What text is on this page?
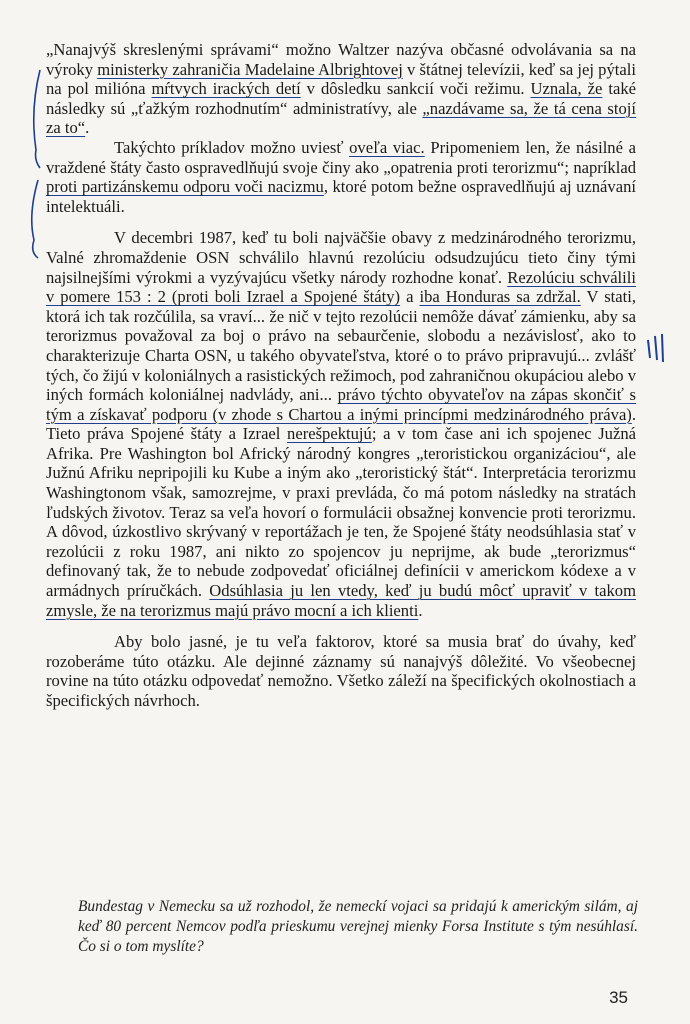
„Nanajvýš skreslenými správami“ možno Waltzer nazýva občasné odvolávania sa na výroky ministerky zahraničia Madelaine Albrightovej v štátnej televízii, keď sa jej pýtali na pol milióna mŕtvych irackých detí v dôsledku sankcií voči režimu. Uznala, že také následky sú „ťažkým rozhodnutím“ administratívy, ale „nazdávame sa, že tá cena stojí za to“.

Takýchto príkladov možno uviesť oveľa viac. Pripomeniem len, že násilné a vraždené štáty často ospravedlňujú svoje činy ako „opatrenia proti terorizmu“; napríklad proti partizánskemu odporu voči nacizmu, ktoré potom bežne ospravedlňujú aj uznávaní intelektuáli.

V decembri 1987, keď tu boli najväčšie obavy z medzinárodného terorizmu, Valné zhromaždenie OSN schválilo hlavnú rezolúciu odsudzujúcu tieto činy tými najsilnejšími výrokmi a vyzývajúcu všetky národy rozhodne konať. Rezolúciu schválili v pomere 153 : 2 (proti boli Izrael a Spojené štáty) a iba Honduras sa zdržal. V stati, ktorá ich tak rozčúlila, sa vraví... že nič v tejto rezolúcii nemôže dávať zámienku, aby sa terorizmus považoval za boj o právo na sebaurčenie, slobodu a nezávislosť, ako to charakterizuje Charta OSN, u takého obyvateľstva, ktoré o to právo pripravujú... zvlášť tých, čo žijú v koloniálnych a rasistických režimoch, pod zahraničnou okupáciou alebo v iných formách koloniálnej nadvlády, ani... právo týchto obyvateľov na zápas skončiť s tým a získavať podporu (v zhode s Chartou a inými princípmi medzinárodného práva). Tieto práva Spojené štáty a Izrael nerešpektujú; a v tom čase ani ich spojenec Južná Afrika. Pre Washington bol Africký národný kongres „teroristickou organizáciou“, ale Južnú Afriku nepripojili ku Kube a iným ako „teroristický štát“. Interpretácia terorizmu Washingtonom však, samozrejme, v praxi prevláda, čo má potom následky na stratách ľudských životov. Teraz sa veľa hovorí o formulácii obsažnej konvencie proti terorizmu. A dôvod, úzkostlivo skrývaný v reportážach je ten, že Spojené štáty neodsúhlasia stať v rezolúcii z roku 1987, ani nikto zo spojencov ju neprijme, ak bude „terorizmus“ definovaný tak, že to nebude zodpovedať oficiálnej definícii v americkom kódexe a v armádnych príručkách. Odsúhlasia ju len vtedy, keď ju budú môcť upraviť v takom zmysle, že na terorizmus majú právo mocní a ich klienti.

Aby bolo jasné, je tu veľa faktorov, ktoré sa musia brať do úvahy, keď rozoberáme túto otázku. Ale dejinné záznamy sú nanajvýš dôležité. Vo všeobecnej rovine na túto otázku odpovedať nemožno. Všetko záleží na špecifických okolnostiach a špecifických návrhoch.

Bundestag v Nemecku sa už rozhodol, že nemeckí vojaci sa pridajú k americkým silám, aj keď 80 percent Nemcov podľa prieskumu verejnej mienky Forsa Institute s tým nesúhlasí. Čo si o tom myslíte?
35
